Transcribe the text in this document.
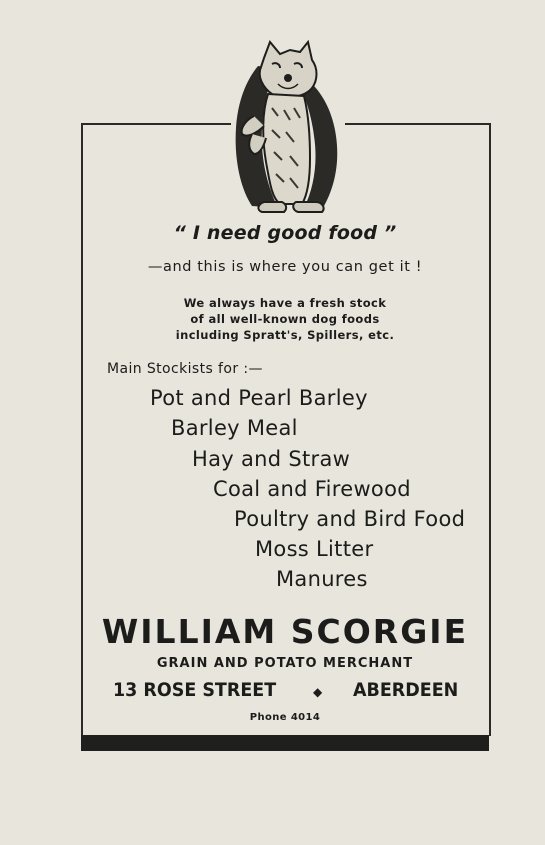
“ I need good food ”
—and this is where you can get it !
We always have a fresh stock
of all well-known dog foods
including Spratt's, Spillers, etc.
Main Stockists for :—
Pot and Pearl Barley
Barley Meal
Hay and Straw
Coal and Firewood
Poultry and Bird Food
Moss Litter
Manures
WILLIAM SCORGIE
GRAIN AND POTATO MERCHANT
13 ROSE STREET	◆ ABERDEEN
Phone 4014
